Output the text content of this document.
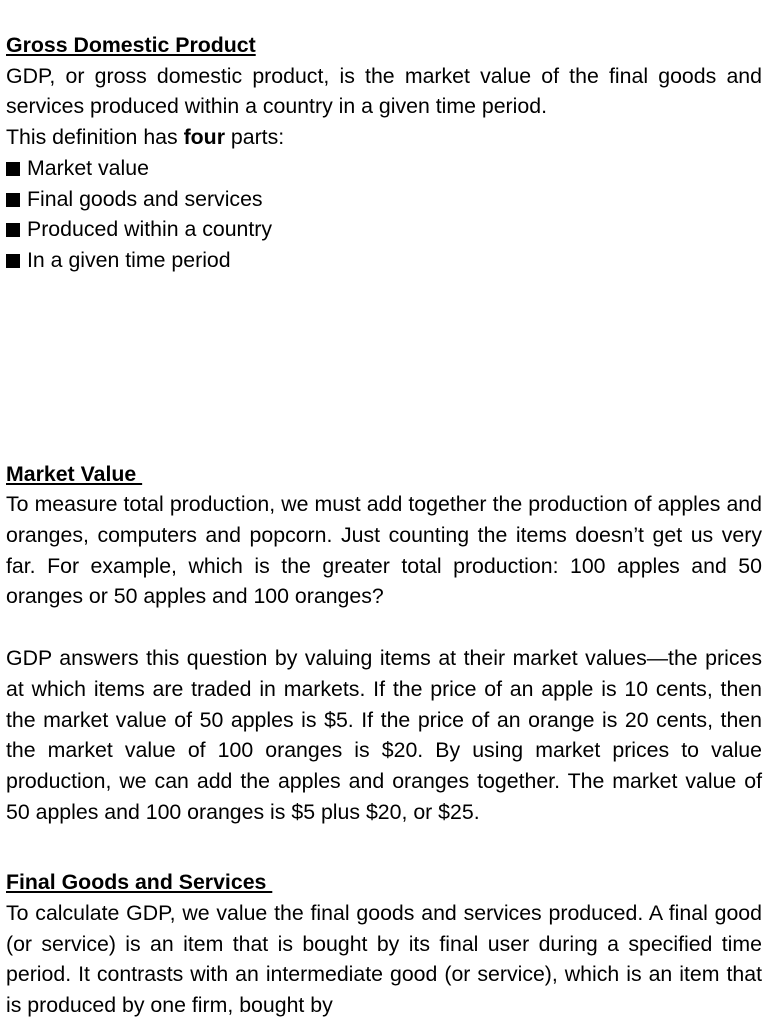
Gross Domestic Product

GDP, or gross domestic product, is the market value of the final goods and services produced within a country in a given time period.

This definition has four parts:
Market value
Final goods and services
Produced within a country
In a given time period
Market Value

To measure total production, we must add together the production of apples and oranges, computers and popcorn. Just counting the items doesn’t get us very far. For example, which is the greater total production: 100 apples and 50 oranges or 50 apples and 100 oranges?

GDP answers this question by valuing items at their market values—the prices at which items are traded in markets. If the price of an apple is 10 cents, then the market value of 50 apples is $5. If the price of an orange is 20 cents, then the market value of 100 oranges is $20. By using market prices to value production, we can add the apples and oranges together. The market value of 50 apples and 100 oranges is $5 plus $20, or $25.

Final Goods and Services

To calculate GDP, we value the final goods and services produced. A final good (or service) is an item that is bought by its final user during a specified time period. It contrasts with an intermediate good (or service), which is an item that is produced by one firm, bought by
